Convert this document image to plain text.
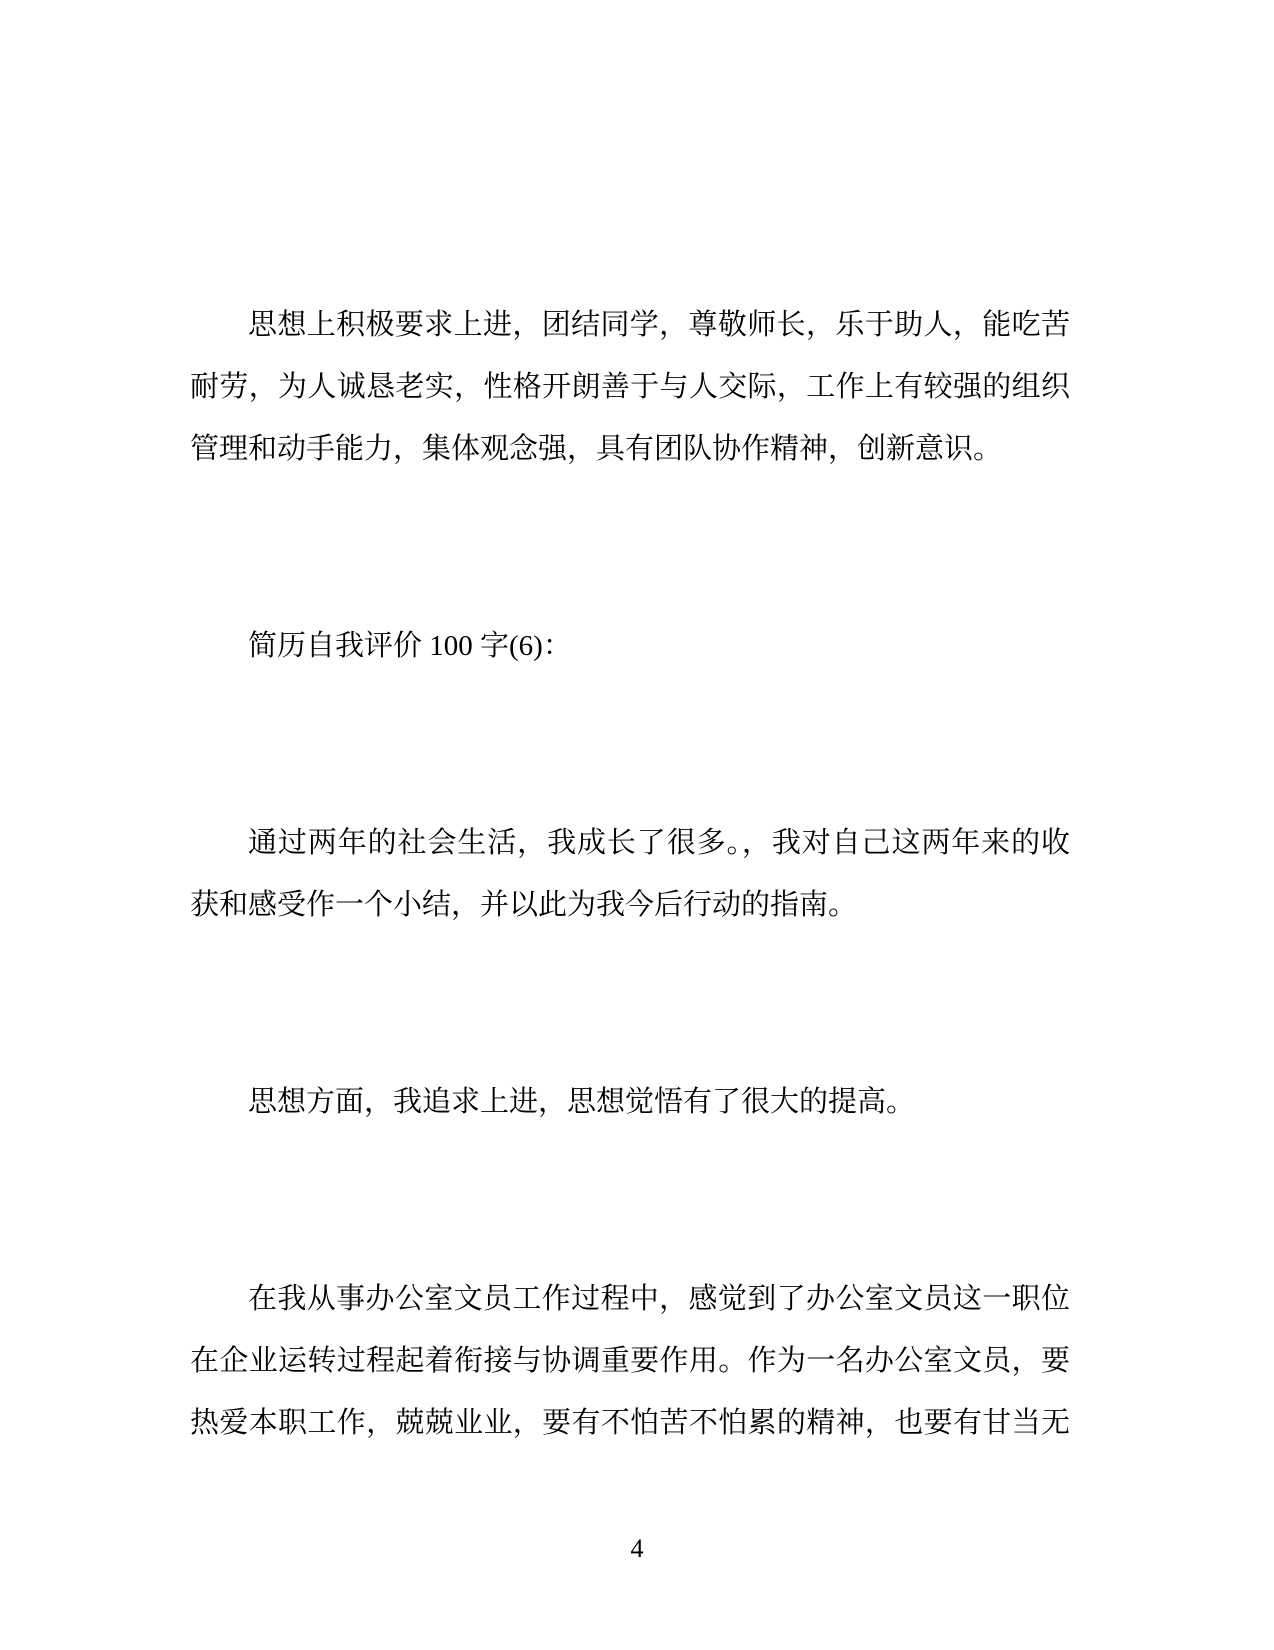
思想上积极要求上进，团结同学，尊敬师长，乐于助人，能吃苦
耐劳，为人诚恳老实，性格开朗善于与人交际，工作上有较强的组织
管理和动手能力，集体观念强，具有团队协作精神，创新意识。
简历自我评价 100 字(6)：
通过两年的社会生活，我成长了很多。，我对自己这两年来的收
获和感受作一个小结，并以此为我今后行动的指南。
思想方面，我追求上进，思想觉悟有了很大的提高。
在我从事办公室文员工作过程中，感觉到了办公室文员这一职位
在企业运转过程起着衔接与协调重要作用。作为一名办公室文员，要
热爱本职工作，兢兢业业，要有不怕苦不怕累的精神，也要有甘当无
4
